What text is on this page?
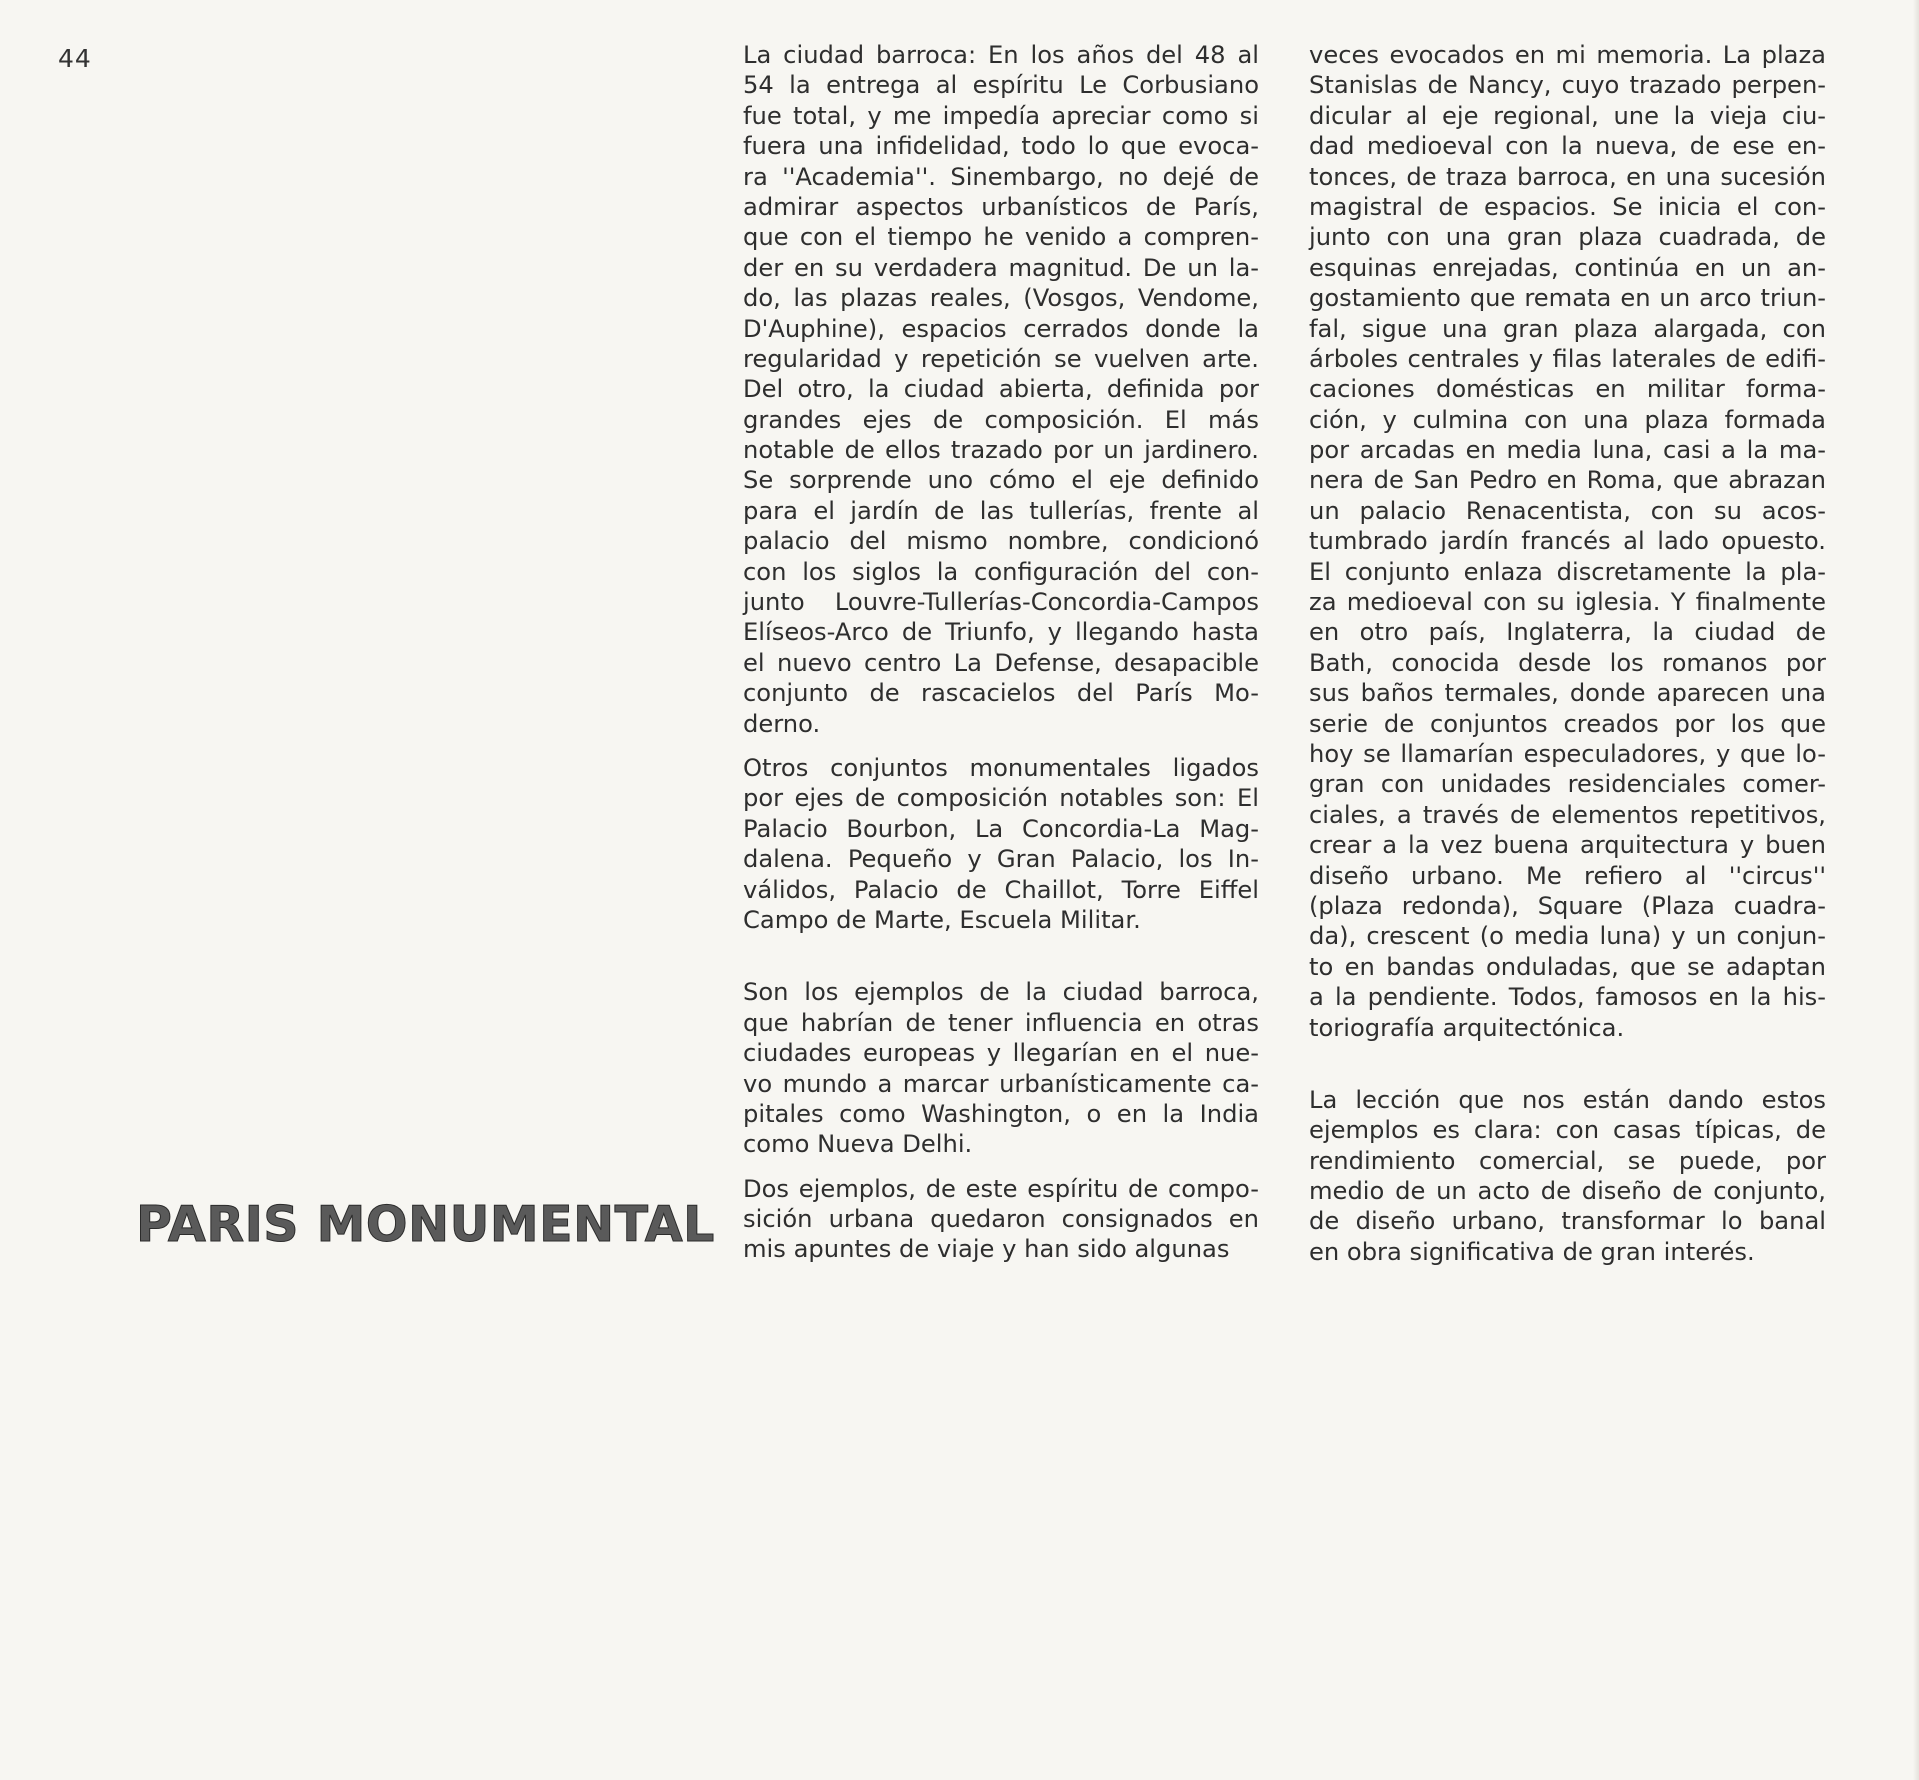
44
PARIS MONUMENTAL

La ciudad barroca: En los años del 48 al
54 la entrega al espíritu Le Corbusiano
fue total, y me impedía apreciar como si
fuera una infidelidad, todo lo que evoca-
ra ''Academia''. Sinembargo, no dejé de
admirar aspectos urbanísticos de París,
que con el tiempo he venido a compren-
der en su verdadera magnitud. De un la-
do, las plazas reales, (Vosgos, Vendome,
D'Auphine), espacios cerrados donde la
regularidad y repetición se vuelven arte.
Del otro, la ciudad abierta, definida por
grandes ejes de composición. El más
notable de ellos trazado por un jardinero.
Se sorprende uno cómo el eje definido
para el jardín de las tullerías, frente al
palacio del mismo nombre, condicionó
con los siglos la configuración del con-
junto Louvre-Tullerías-Concordia-Campos
Elíseos-Arco de Triunfo, y llegando hasta
el nuevo centro La Defense, desapacible
conjunto de rascacielos del París Mo-
derno.

Otros conjuntos monumentales ligados
por ejes de composición notables son: El
Palacio Bourbon, La Concordia-La Mag-
dalena. Pequeño y Gran Palacio, los In-
válidos, Palacio de Chaillot, Torre Eiffel
Campo de Marte, Escuela Militar.

Son los ejemplos de la ciudad barroca,
que habrían de tener influencia en otras
ciudades europeas y llegarían en el nue-
vo mundo a marcar urbanísticamente ca-
pitales como Washington, o en la India
como Nueva Delhi.

Dos ejemplos, de este espíritu de compo-
sición urbana quedaron consignados en
mis apuntes de viaje y han sido algunas

veces evocados en mi memoria. La plaza
Stanislas de Nancy, cuyo trazado perpen-
dicular al eje regional, une la vieja ciu-
dad medioeval con la nueva, de ese en-
tonces, de traza barroca, en una sucesión
magistral de espacios. Se inicia el con-
junto con una gran plaza cuadrada, de
esquinas enrejadas, continúa en un an-
gostamiento que remata en un arco triun-
fal, sigue una gran plaza alargada, con
árboles centrales y filas laterales de edifi-
caciones domésticas en militar forma-
ción, y culmina con una plaza formada
por arcadas en media luna, casi a la ma-
nera de San Pedro en Roma, que abrazan
un palacio Renacentista, con su acos-
tumbrado jardín francés al lado opuesto.
El conjunto enlaza discretamente la pla-
za medioeval con su iglesia. Y finalmente
en otro país, Inglaterra, la ciudad de
Bath, conocida desde los romanos por
sus baños termales, donde aparecen una
serie de conjuntos creados por los que
hoy se llamarían especuladores, y que lo-
gran con unidades residenciales comer-
ciales, a través de elementos repetitivos,
crear a la vez buena arquitectura y buen
diseño urbano. Me refiero al ''circus''
(plaza redonda), Square (Plaza cuadra-
da), crescent (o media luna) y un conjun-
to en bandas onduladas, que se adaptan
a la pendiente. Todos, famosos en la his-
toriografía arquitectónica.

La lección que nos están dando estos
ejemplos es clara: con casas típicas, de
rendimiento comercial, se puede, por
medio de un acto de diseño de conjunto,
de diseño urbano, transformar lo banal
en obra significativa de gran interés.
